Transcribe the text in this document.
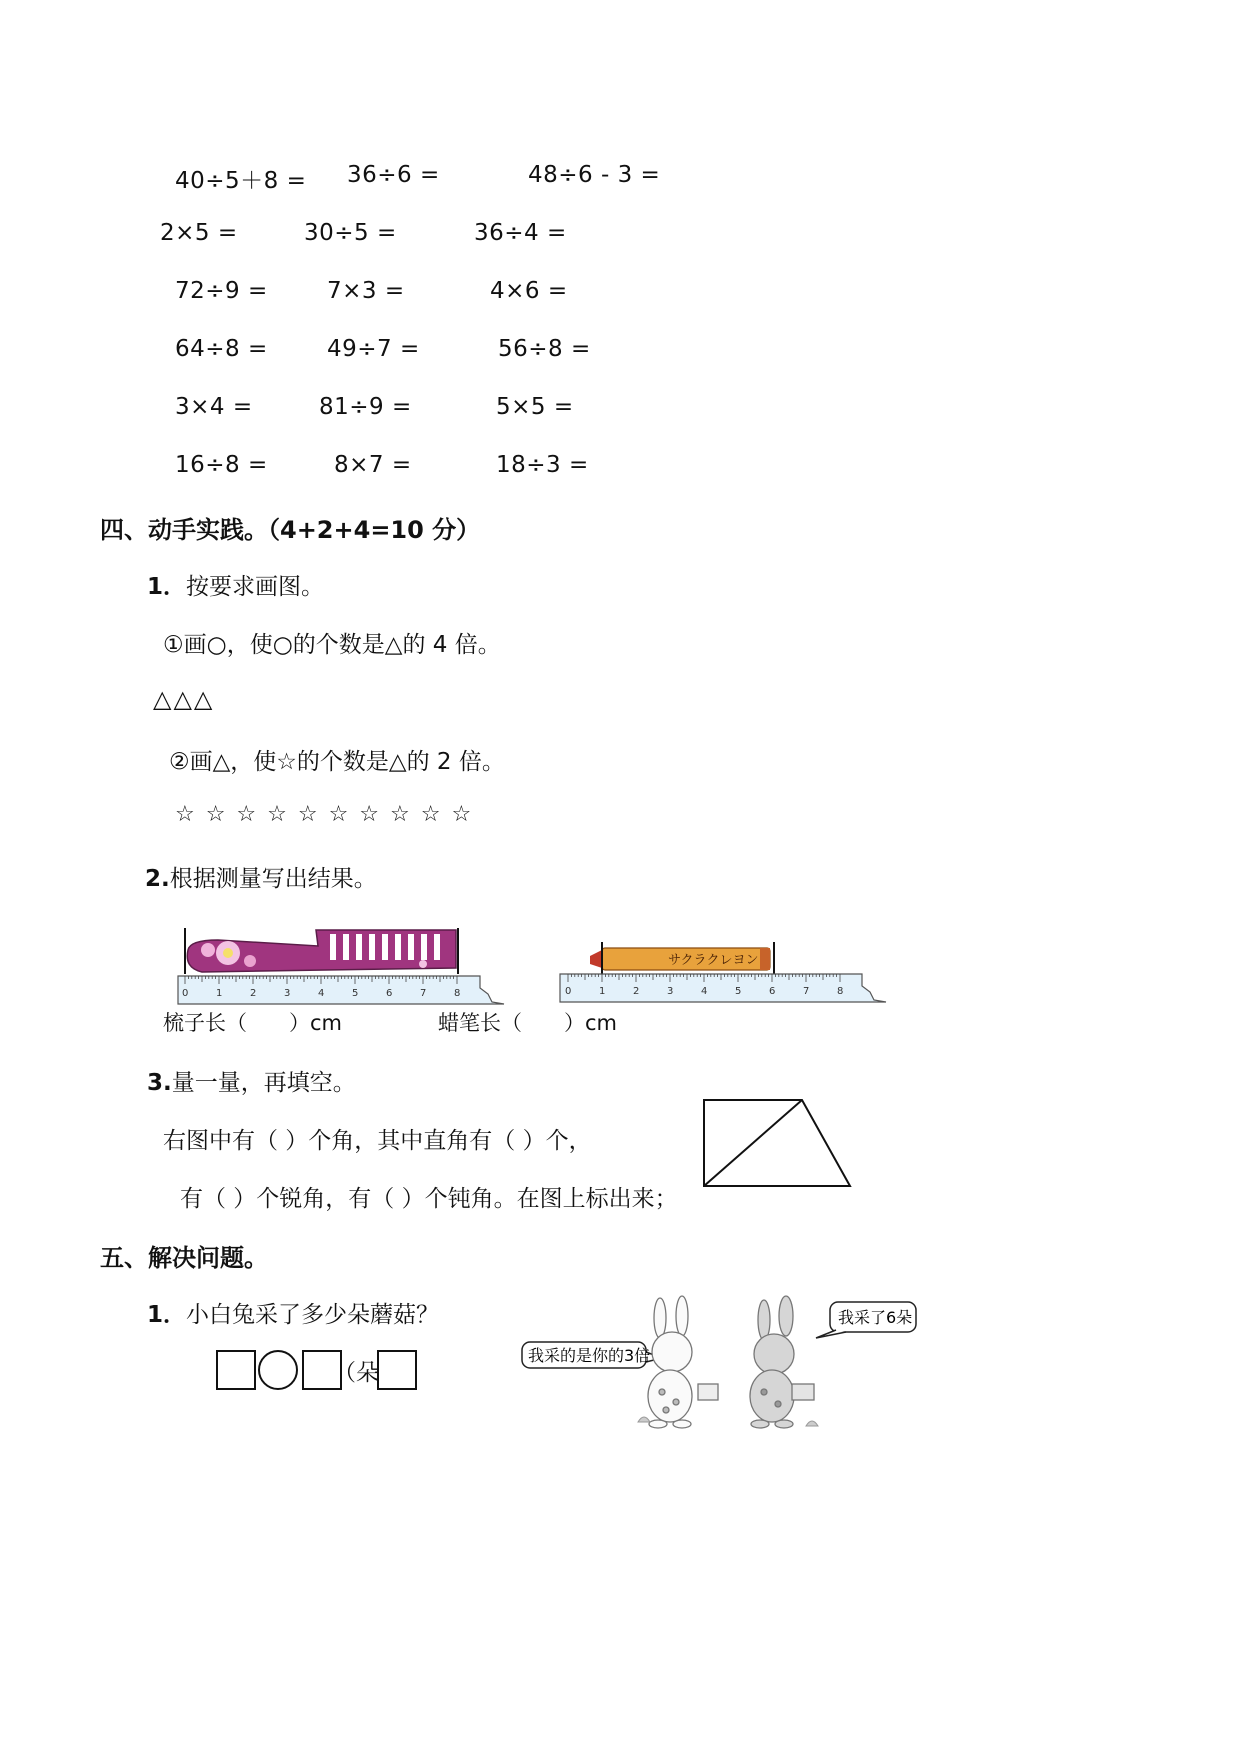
40÷5＋8 = 36÷6 =	48÷6 - 3 =
2×5 =	30÷5 =	36÷4 =
72÷9 =	7×3 =	4×6 =
64÷8 =	49÷7 =	56÷8 =
3×4 =	81÷9 =	5×5 =
16÷8 =	8×7 =	18÷3 =
四、动手实践。（4+2+4=10 分）
1．按要求画图。
①画○，使○的个数是△的 4 倍。
△△△
②画△，使☆的个数是△的 2 倍。
☆ ☆ ☆ ☆ ☆ ☆ ☆ ☆ ☆ ☆
2.根据测量写出结果。
0	1	2	3	4	5	6	7	8
サクラクレヨン
0	1	2	3	4	5	6	7	8
梳子长（　　）cm	蜡笔长（　　）cm
3.量一量，再填空。
右图中有（ ）个角，其中直角有（ ）个，
有（ ）个锐角，有（ ）个钝角。在图上标出来；
五、解决问题。
1．小白兔采了多少朵蘑菇？
（朵
我采的是你的3倍
我采了6朵
